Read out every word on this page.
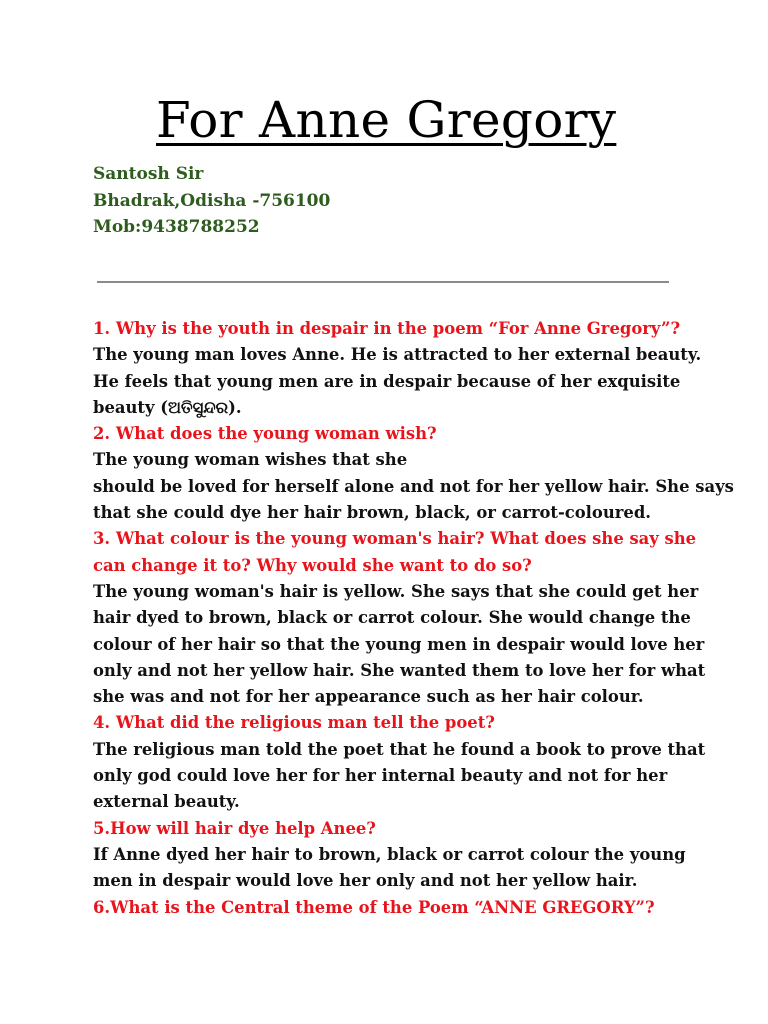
For Anne Gregory
Santosh Sir
Bhadrak,Odisha -756100
Mob:9438788252
1. Why is the youth in despair in the poem “For Anne Gregory”?
The young man loves Anne. He is attracted to her external beauty.
He feels that young men are in despair because of her exquisite
beauty (ଅତିସୁନ୍ଦର).
2. What does the young woman wish?
The young woman wishes that she
should be loved for herself alone and not for her yellow hair. She says
that she could dye her hair brown, black, or carrot-coloured.
3. What colour is the young woman's hair? What does she say she
can change it to? Why would she want to do so?
The young woman's hair is yellow. She says that she could get her
hair dyed to brown, black or carrot colour. She would change the
colour of her hair so that the young men in despair would love her
only and not her yellow hair. She wanted them to love her for what
she was and not for her appearance such as her hair colour.
4. What did the religious man tell the poet?
The religious man told the poet that he found a book to prove that
only god could love her for her internal beauty and not for her
external beauty.
5.How will hair dye help Anee?
If Anne dyed her hair to brown, black or carrot colour the young
men in despair would love her only and not her yellow hair.
6.What is the Central theme of the Poem “ANNE GREGORY”?
